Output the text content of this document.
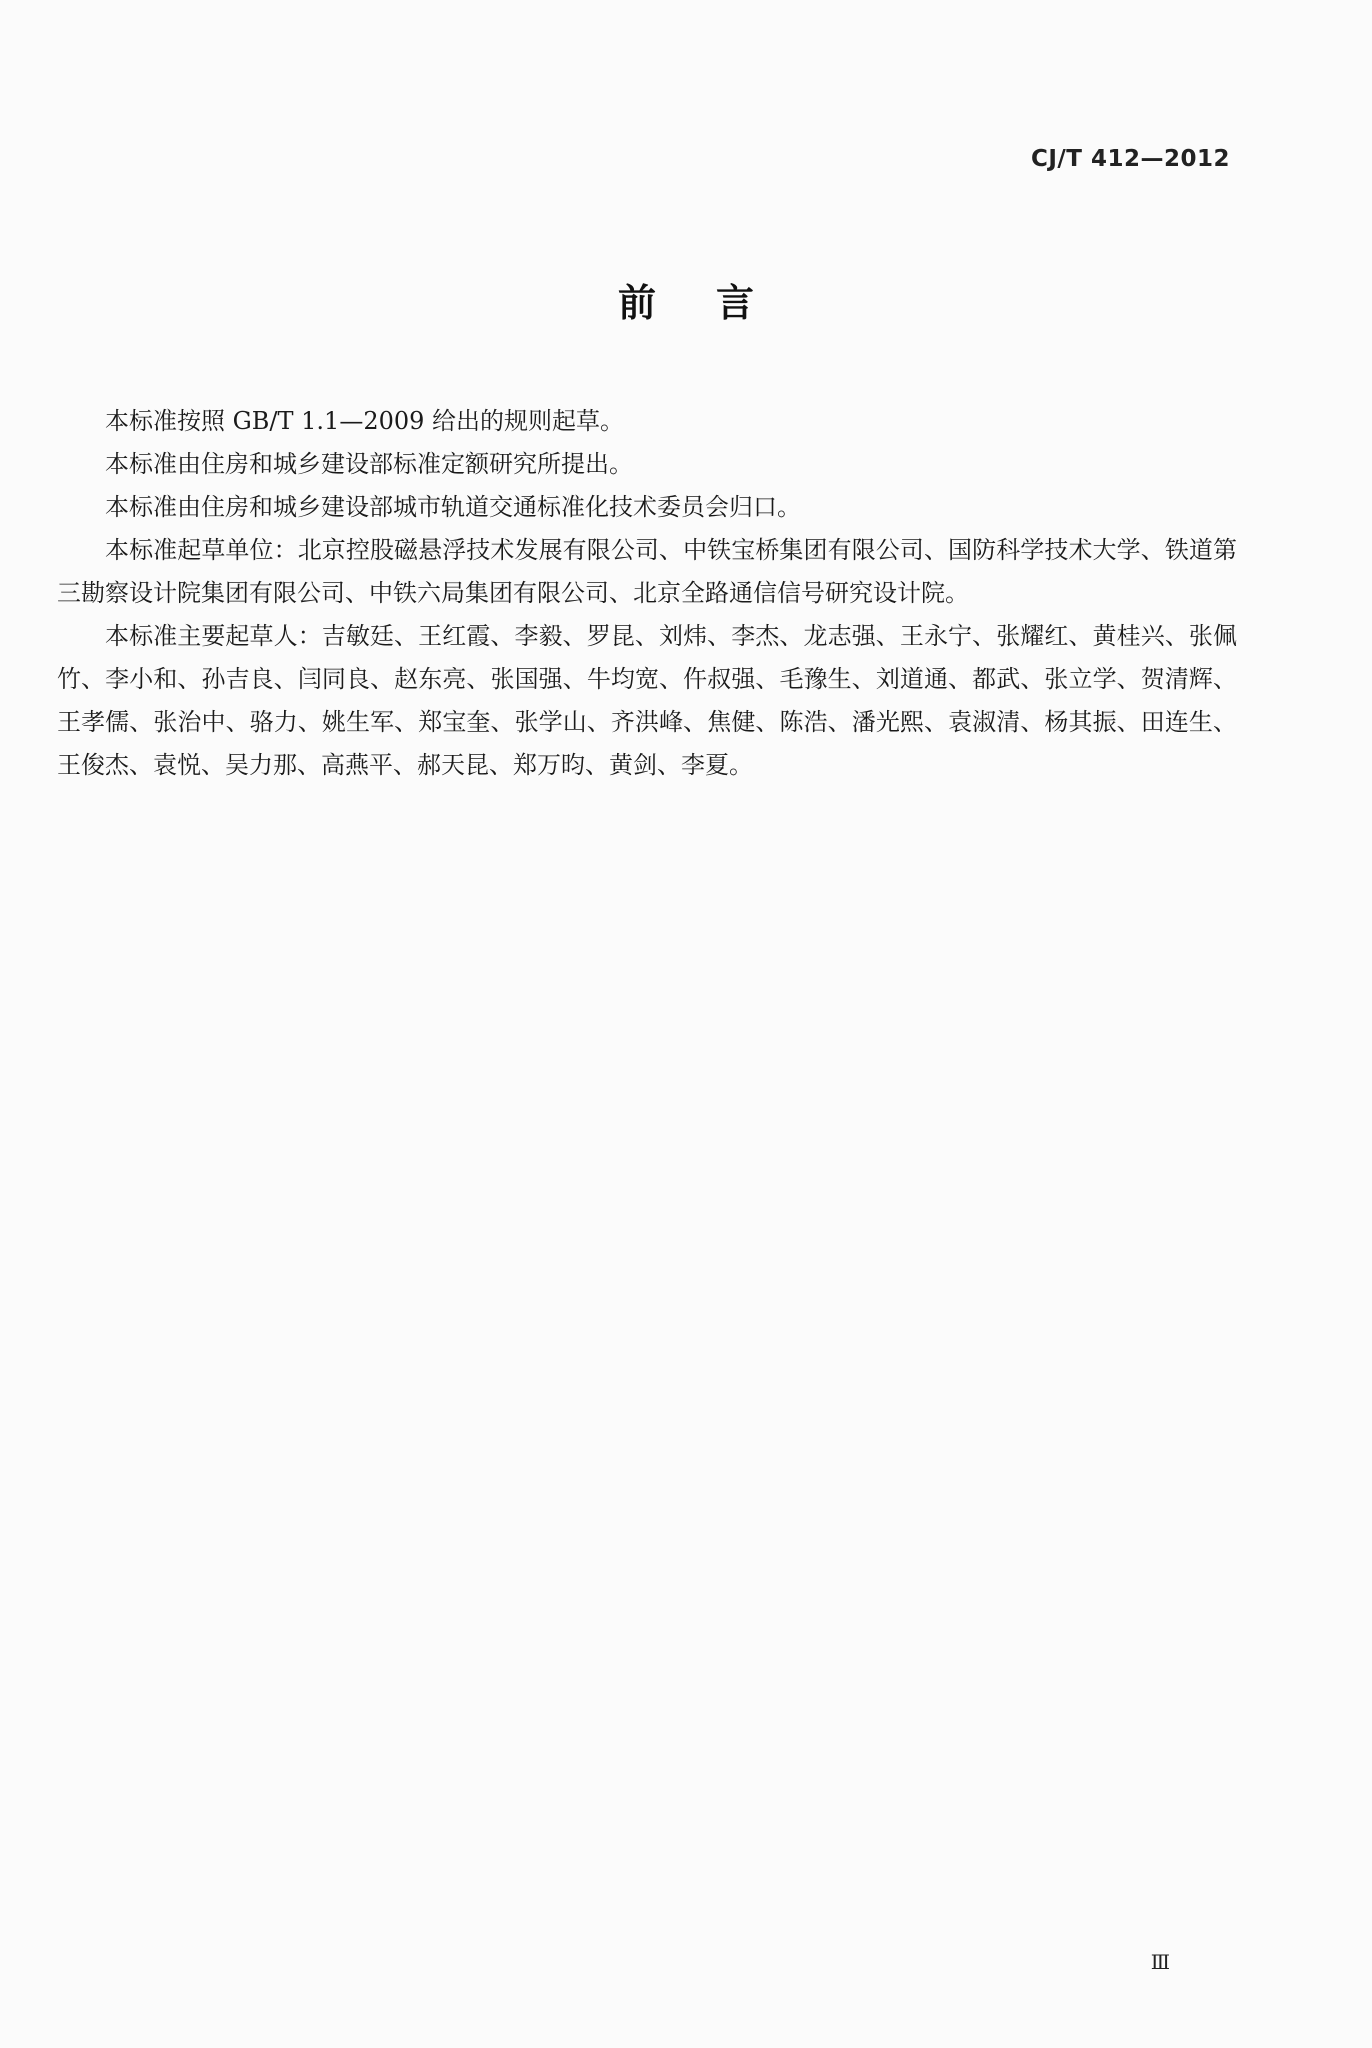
CJ/T 412—2012
前言

本标准按照 GB/T 1.1—2009 给出的规则起草。

本标准由住房和城乡建设部标准定额研究所提出。

本标准由住房和城乡建设部城市轨道交通标准化技术委员会归口。

本标准起草单位：北京控股磁悬浮技术发展有限公司、中铁宝桥集团有限公司、国防科学技术大学、铁道第三勘察设计院集团有限公司、中铁六局集团有限公司、北京全路通信信号研究设计院。

本标准主要起草人：吉敏廷、王红霞、李毅、罗昆、刘炜、李杰、龙志强、王永宁、张耀红、黄桂兴、张佩竹、李小和、孙吉良、闫同良、赵东亮、张国强、牛均宽、仵叔强、毛豫生、刘道通、都武、张立学、贺清辉、王孝儒、张治中、骆力、姚生军、郑宝奎、张学山、齐洪峰、焦健、陈浩、潘光熙、袁淑清、杨其振、田连生、王俊杰、袁悦、吴力那、高燕平、郝天昆、郑万昀、黄剑、李夏。

Ⅲ
